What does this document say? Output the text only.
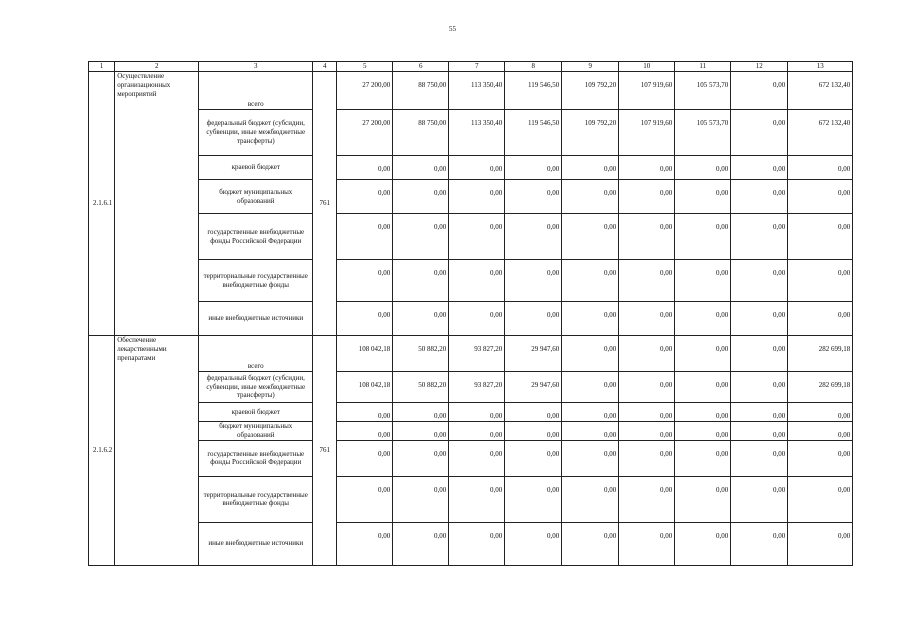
55
1	2	3	4	5	6	7	8	9	10	11	12	13
2.1.6.1	Осуществление организационных мероприятий	всего	761	27 200,00	88 750,00	113 350,40	119 546,50	109 792,20	107 919,60	105 573,70	0,00	672 132,40
		федеральный бюджет (субсидии, субвенции, иные межбюджетные трансферты)		27 200,00	88 750,00	113 350,40	119 546,50	109 792,20	107 919,60	105 573,70	0,00	672 132,40
		краевой бюджет		0,00	0,00	0,00	0,00	0,00	0,00	0,00	0,00	0,00
		бюджет муниципальных образований		0,00	0,00	0,00	0,00	0,00	0,00	0,00	0,00	0,00
		государственные внебюджетные фонды Российской Федерации		0,00	0,00	0,00	0,00	0,00	0,00	0,00	0,00	0,00
		территориальные государственные внебюджетные фонды		0,00	0,00	0,00	0,00	0,00	0,00	0,00	0,00	0,00
		иные внебюджетные источники		0,00	0,00	0,00	0,00	0,00	0,00	0,00	0,00	0,00
2.1.6.2	Обеспечение лекарственными препаратами	всего	761	108 042,18	50 882,20	93 827,20	29 947,60	0,00	0,00	0,00	0,00	282 699,18
		федеральный бюджет (субсидии, субвенции, иные межбюджетные трансферты)		108 042,18	50 882,20	93 827,20	29 947,60	0,00	0,00	0,00	0,00	282 699,18
		краевой бюджет		0,00	0,00	0,00	0,00	0,00	0,00	0,00	0,00	0,00
		бюджет муниципальных образований		0,00	0,00	0,00	0,00	0,00	0,00	0,00	0,00	0,00
		государственные внебюджетные фонды Российской Федерации		0,00	0,00	0,00	0,00	0,00	0,00	0,00	0,00	0,00
		территориальные государственные внебюджетные фонды		0,00	0,00	0,00	0,00	0,00	0,00	0,00	0,00	0,00
		иные внебюджетные источники		0,00	0,00	0,00	0,00	0,00	0,00	0,00	0,00	0,00
